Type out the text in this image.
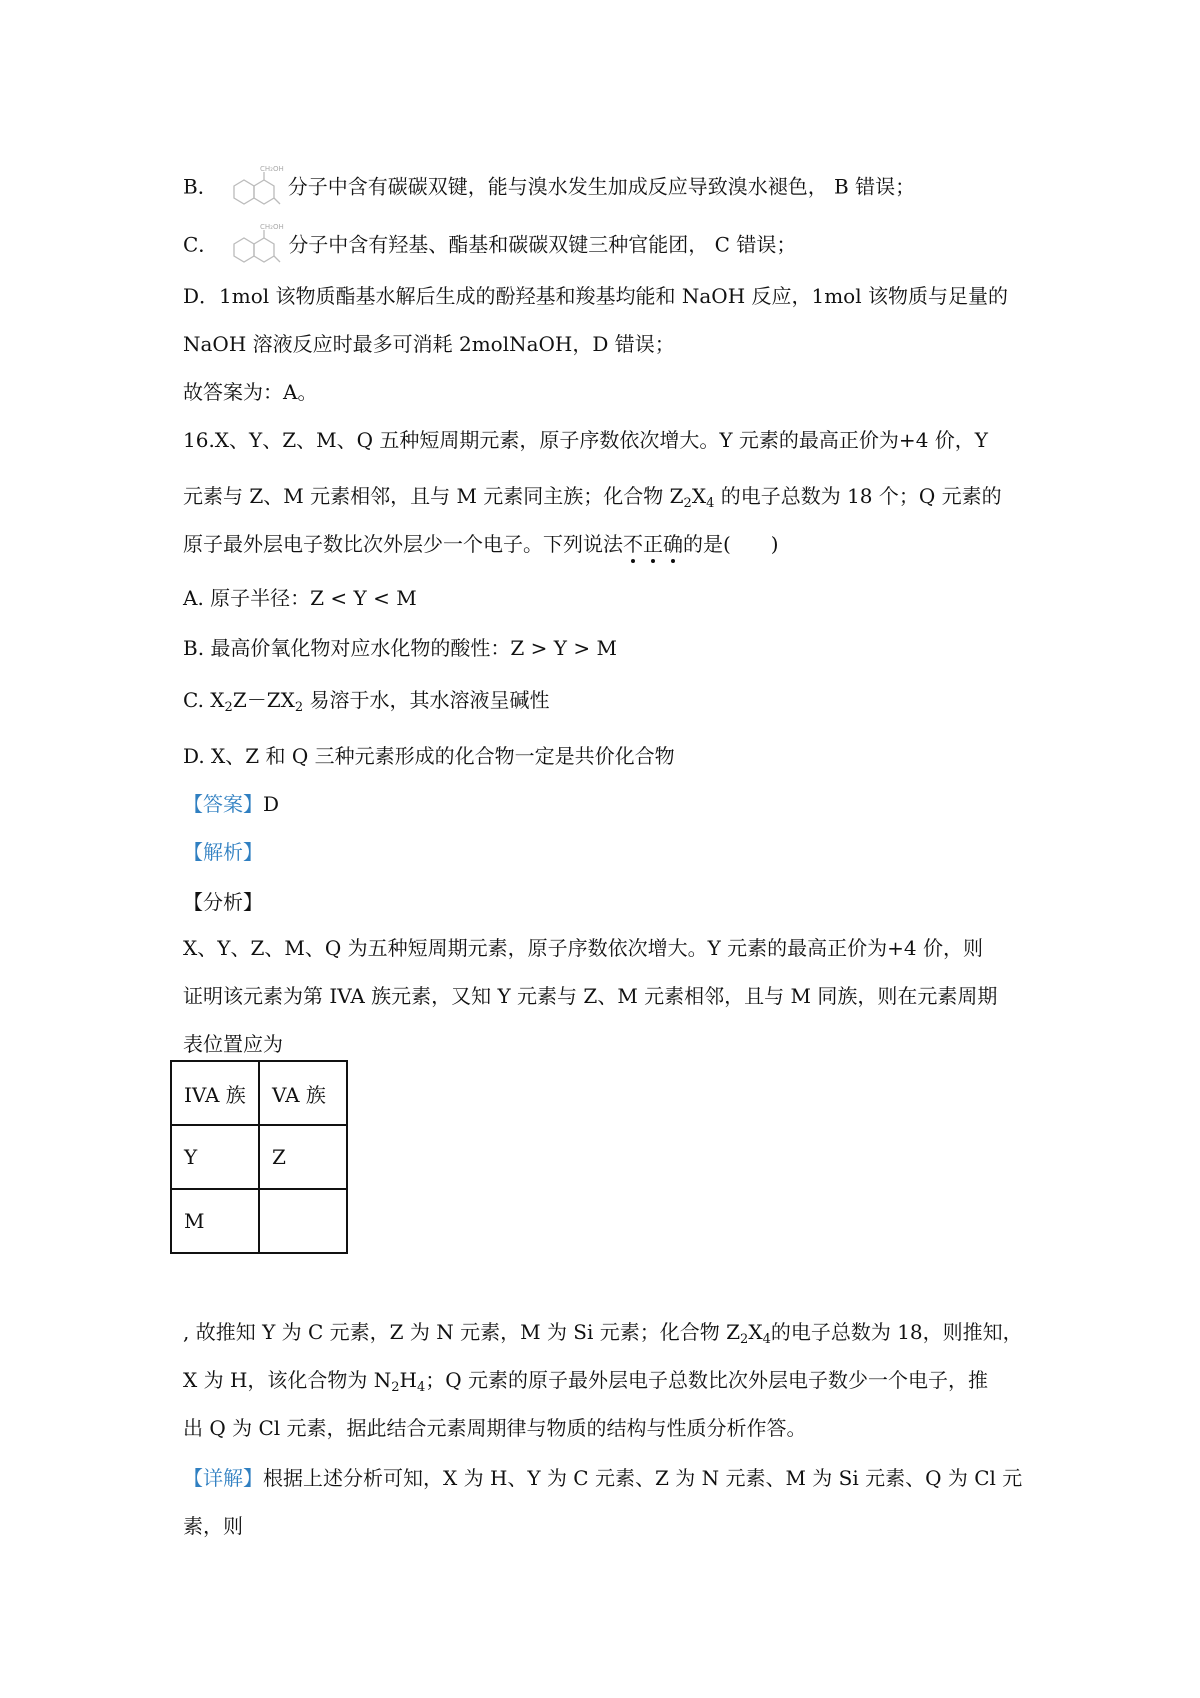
B．
CH₂OH
分子中含有碳碳双键，能与溴水发生加成反应导致溴水褪色， B 错误；
C．
CH₂OH
分子中含有羟基、酯基和碳碳双键三种官能团， C 错误；
D．1mol 该物质酯基水解后生成的酚羟基和羧基均能和 NaOH 反应，1mol 该物质与足量的
NaOH 溶液反应时最多可消耗 2molNaOH，D 错误；
故答案为：A。
16.X、Y、Z、M、Q 五种短周期元素，原子序数依次增大。Y 元素的最高正价为+4 价，Y
元素与 Z、M 元素相邻，且与 M 元素同主族；化合物 $Z_2X_4$ 的电子总数为 18 个；Q 元素的
原子最外层电子数比次外层少一个电子。下列说法不
正
确
的是(　　)
A. 原子半径：Z < Y < M
B. 最高价氧化物对应水化物的酸性：Z > Y > M
C. $X_2Z-ZX_2$ 易溶于水，其水溶液呈碱性
D. X、Z 和 Q 三种元素形成的化合物一定是共价化合物
【答案】D
【解析】
【分析】
X、Y、Z、M、Q 为五种短周期元素，原子序数依次增大。Y 元素的最高正价为+4 价，则
证明该元素为第 IVA 族元素，又知 Y 元素与 Z、M 元素相邻，且与 M 同族，则在元素周期
表位置应为
IVA 族	VA 族
Y	Z
M	
, 故推知 Y 为 C 元素，Z 为 N 元素，M 为 Si 元素；化合物 $Z_2X_4$的电子总数为 18，则推知，
X 为 H，该化合物为 $N_2H_4$；Q 元素的原子最外层电子总数比次外层电子数少一个电子，推
出 Q 为 Cl 元素，据此结合元素周期律与物质的结构与性质分析作答。
【详解】根据上述分析可知，X 为 H、Y 为 C 元素、Z 为 N 元素、M 为 Si 元素、Q 为 Cl 元
素，则
